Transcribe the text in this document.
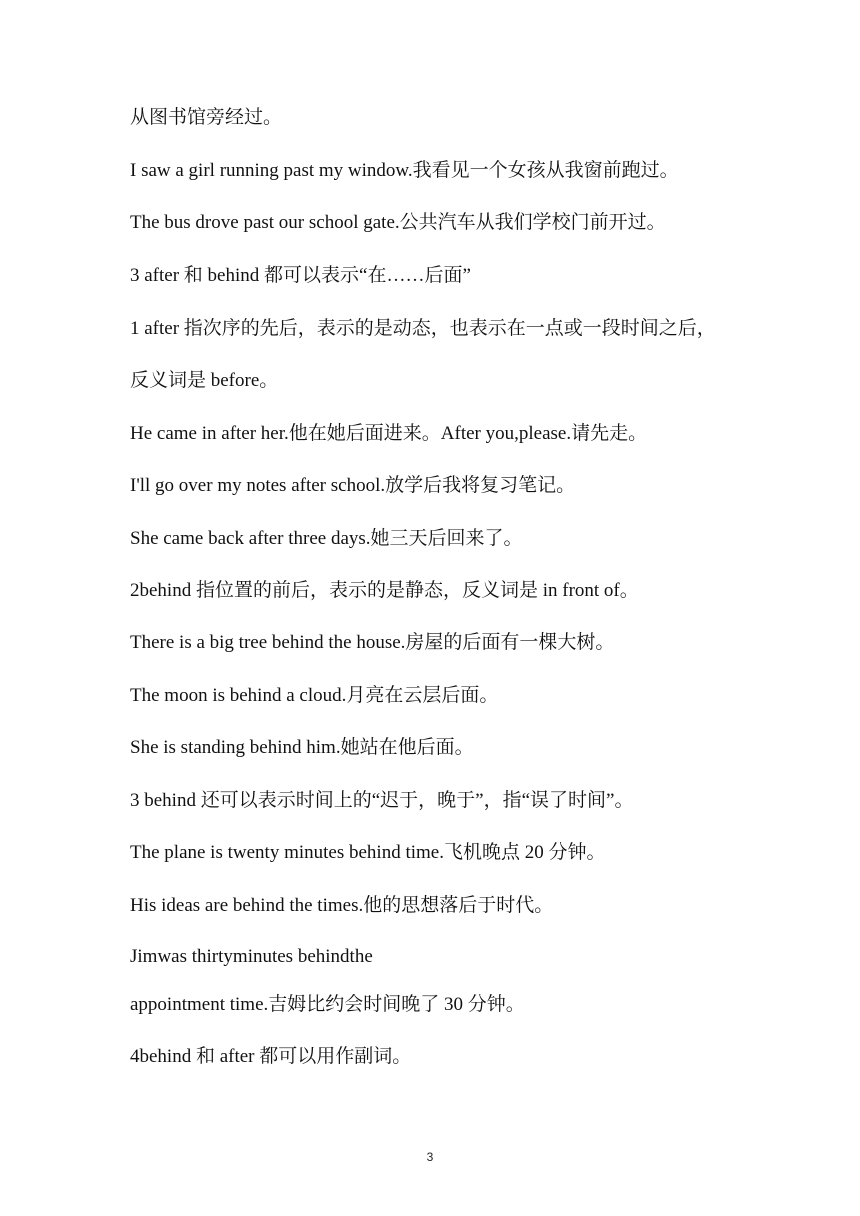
从图书馆旁经过。
I saw a girl running past my window.我看见一个女孩从我窗前跑过。
The bus drove past our school gate.公共汽车从我们学校门前开过。
3 after 和 behind 都可以表示“在……后面”
1 after 指次序的先后，表示的是动态，也表示在一点或一段时间之后，
反义词是 before。
He came in after her.他在她后面进来。After you,please.请先走。
I'll go over my notes after school.放学后我将复习笔记。
She came back after three days.她三天后回来了。
2behind 指位置的前后，表示的是静态，反义词是 in front of。
There is a big tree behind the house.房屋的后面有一棵大树。
The moon is behind a cloud.月亮在云层后面。
She is standing behind him.她站在他后面。
3 behind 还可以表示时间上的“迟于，晚于”，指“误了时间”。
The plane is twenty minutes behind time.飞机晚点 20 分钟。
His ideas are behind the times.他的思想落后于时代。
Jimwas thirtyminutes behindthe
appointment time.吉姆比约会时间晚了 30 分钟。
4behind 和 after 都可以用作副词。
3
